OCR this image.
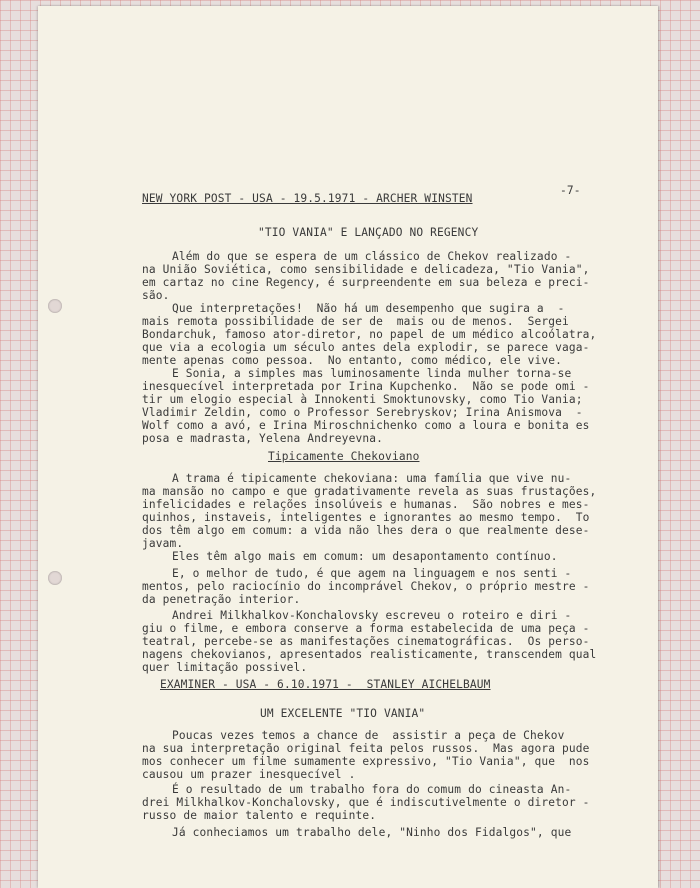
-7-
NEW YORK POST - USA - 19.5.1971 - ARCHER WINSTEN
"TIO VANIA" E LANÇADO NO REGENCY
Além do que se espera de um clássico de Chekov realizado -
na União Soviética, como sensibilidade e delicadeza, "Tio Vania",
em cartaz no cine Regency, é surpreendente em sua beleza e preci-
são.
Que interpretações!  Não há um desempenho que sugira a  -
mais remota possibilidade de ser de  mais ou de menos.  Sergei
Bondarchuk, famoso ator-diretor, no papel de um médico alcoólatra,
que via a ecologia um século antes dela explodir, se parece vaga-
mente apenas como pessoa.  No entanto, como médico, ele vive.
E Sonia, a simples mas luminosamente linda mulher torna-se
inesquecível interpretada por Irina Kupchenko.  Não se pode omi -
tir um elogio especial à Innokenti Smoktunovsky, como Tio Vania;
Vladimir Zeldin, como o Professor Serebryskov; Irina Anismova  -
Wolf como a avó, e Irina Miroschnichenko como a loura e bonita es
posa e madrasta, Yelena Andreyevna.
Tipicamente Chekoviano
A trama é tipicamente chekoviana: uma família que vive nu-
ma mansão no campo e que gradativamente revela as suas frustações,
infelicidades e relações insolúveis e humanas.  São nobres e mes-
quinhos, instaveis, inteligentes e ignorantes ao mesmo tempo.  To
dos têm algo em comum: a vida não lhes dera o que realmente dese-
javam.
Eles têm algo mais em comum: um desapontamento contínuo.
E, o melhor de tudo, é que agem na linguagem e nos senti -
mentos, pelo raciocínio do incomprável Chekov, o próprio mestre -
da penetração interior.
Andrei Milkhalkov-Konchalovsky escreveu o roteiro e diri -
giu o filme, e embora conserve a forma estabelecida de uma peça -
teatral, percebe-se as manifestações cinematográficas.  Os perso-
nagens chekovianos, apresentados realisticamente, transcendem qual
quer limitação possivel.
EXAMINER - USA - 6.10.1971 -  STANLEY AICHELBAUM
UM EXCELENTE "TIO VANIA"
Poucas vezes temos a chance de  assistir a peça de Chekov
na sua interpretação original feita pelos russos.  Mas agora pude
mos conhecer um filme sumamente expressivo, "Tio Vania", que  nos
causou um prazer inesquecível .
É o resultado de um trabalho fora do comum do cineasta An-
drei Milkhalkov-Konchalovsky, que é indiscutivelmente o diretor -
russo de maior talento e requinte.
Já conheciamos um trabalho dele, "Ninho dos Fidalgos", que
